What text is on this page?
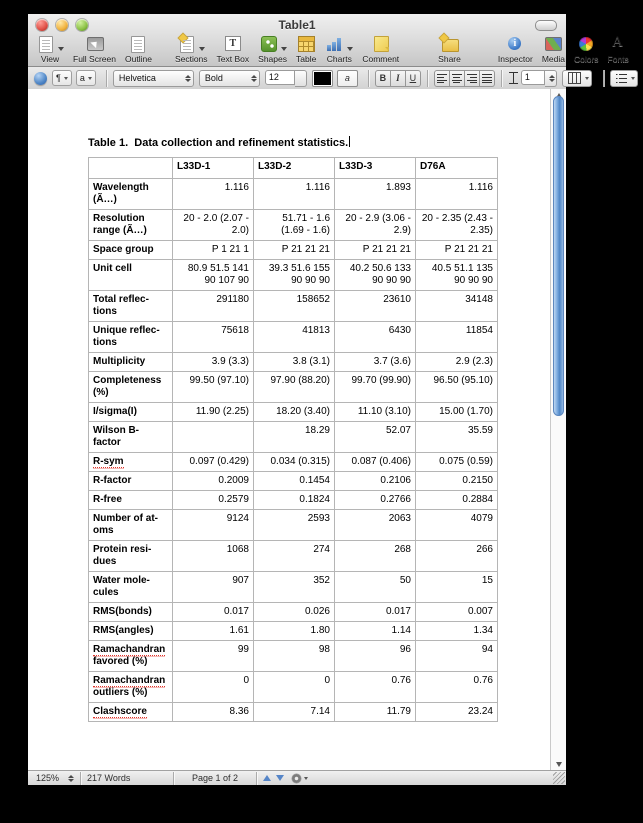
Table1
View Full Screen Outline	Sections
T Text Box Shapes Table Charts Comment	Share
i	Inspector Media Colors
A Fonts
¶ a	Helvetica	Bold	12	a	B	I	U	1
Table 1.  Data collection and refinement statistics.
	L33D-1	L33D-2	L33D-3	D76A

Wavelength
(Ã…)	1.116	1.116	1.893	1.116

Resolution
range (Ã…)	20 - 2.0 (2.07 - 2.0)	51.71 - 1.6 (1.69 - 1.6)	20 - 2.9 (3.06 - 2.9)	20 - 2.35 (2.43 - 2.35)

Space group	P 1 21 1	P 21 21 21	P 21 21 21	P 21 21 21

Unit cell	80.9 51.5 141 90 107 90	39.3 51.6 155 90 90 90	40.2 50.6 133 90 90 90	40.5 51.1 135 90 90 90

Total reflec-
tions	291180	158652	23610	34148

Unique reflec-
tions	75618	41813	6430	11854

Multiplicity	3.9 (3.3)	3.8 (3.1)	3.7 (3.6)	2.9 (2.3)

Completeness
(%)	99.50 (97.10)	97.90 (88.20)	99.70 (99.90)	96.50 (95.10)

I/sigma(I)	11.90 (2.25)	18.20 (3.40)	11.10 (3.10)	15.00 (1.70)

Wilson B-
factor		18.29	52.07	35.59

R-sym	0.097 (0.429)	0.034 (0.315)	0.087 (0.406)	0.075 (0.59)

R-factor	0.2009	0.1454	0.2106	0.2150

R-free	0.2579	0.1824	0.2766	0.2884

Number of at-
oms	9124	2593	2063	4079

Protein resi-
dues	1068	274	268	266

Water mole-
cules	907	352	50	15

RMS(bonds)	0.017	0.026	0.017	0.007

RMS(angles)	1.61	1.80	1.14	1.34

Ramachandran
favored (%)	99	98	96	94

Ramachandran
outliers (%)	0	0	0.76	0.76

Clashscore	8.36	7.14	11.79	23.24
125%	217 Words	Page 1 of 2
